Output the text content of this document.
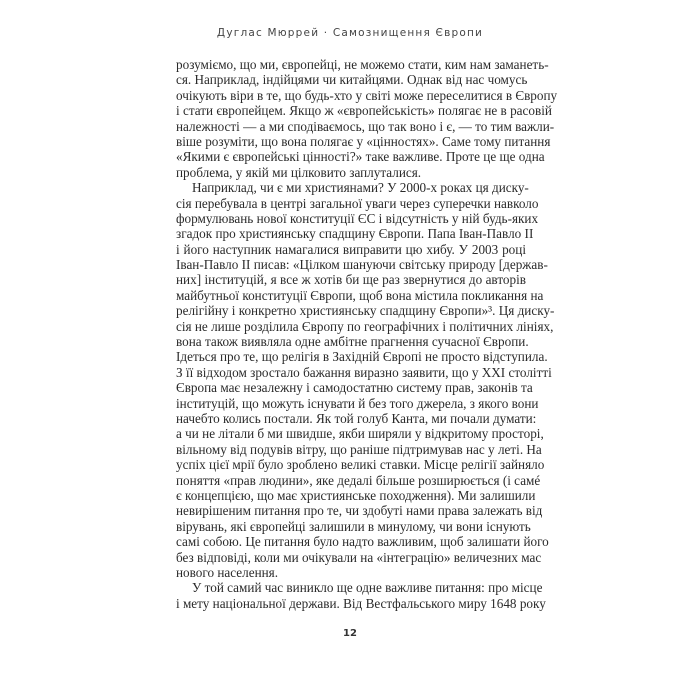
Дуглас Мюррей · Самознищення Європи
розуміємо, що ми, європейці, не можемо стати, ким нам заманеть-
ся. Наприклад, індійцями чи китайцями. Однак від нас чомусь
очікують віри в те, що будь-хто у світі може переселитися в Європу
і стати європейцем. Якщо ж «європейськість» полягає не в расовій
належності — а ми сподіваємось, що так воно і є, — то тим важли-
віше розуміти, що вона полягає у «цінностях». Саме тому питання
«Якими є європейські цінності?» таке важливе. Проте це ще одна
проблема, у якій ми цілковито заплуталися.
Наприклад, чи є ми християнами? У 2000-х роках ця диску-
сія перебувала в центрі загальної уваги через суперечки навколо
формулювань нової конституції ЄС і відсутність у ній будь-яких
згадок про християнську спадщину Європи. Папа Іван-Павло II
і його наступник намагалися виправити цю хибу. У 2003 році
Іван-Павло II писав: «Цілком шануючи світську природу [держав-
них] інституцій, я все ж хотів би ще раз звернутися до авторів
майбутньої конституції Європи, щоб вона містила покликання на
релігійну і конкретно християнську спадщину Європи»³. Ця диску-
сія не лише розділила Європу по географічних і політичних лініях,
вона також виявляла одне амбітне прагнення сучасної Європи.
Ідеться про те, що релігія в Західній Європі не просто відступила.
З її відходом зростало бажання виразно заявити, що у XXI столітті
Європа має незалежну і самодостатню систему прав, законів та
інституцій, що можуть існувати й без того джерела, з якого вони
начебто колись постали. Як той голуб Канта, ми почали думати:
а чи не літали б ми швидше, якби ширяли у відкритому просторі,
вільному від подувів вітру, що раніше підтримував нас у леті. На
успіх цієї мрії було зроблено великі ставки. Місце релігії зайняло
поняття «прав людини», яке дедалі більше розширюється (і самé
є концепцією, що має християнське походження). Ми залишили
невирішеним питання про те, чи здобуті нами права залежать від
вірувань, які європейці залишили в минулому, чи вони існують
самі собою. Це питання було надто важливим, щоб залишати його
без відповіді, коли ми очікували на «інтеграцію» величезних мас
нового населення.
У той самий час виникло ще одне важливе питання: про місце
і мету національної держави. Від Вестфальського миру 1648 року
12
